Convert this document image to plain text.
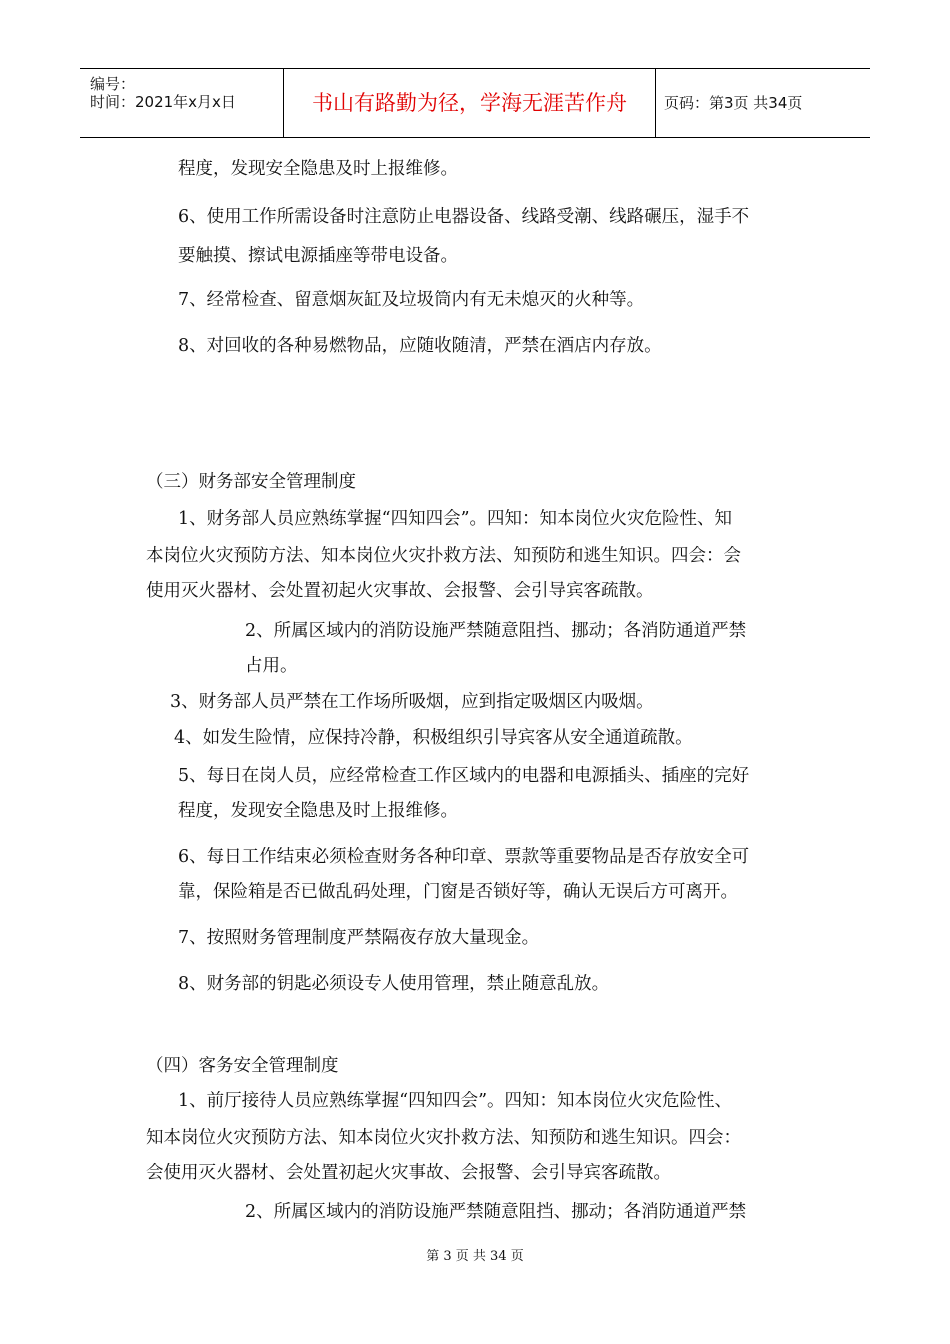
编号：
时间：2021年x月x日	书山有路勤为径，学海无涯苦作舟	页码：第3页 共34页
程度，发现安全隐患及时上报维修。
6、使用工作所需设备时注意防止电器设备、线路受潮、线路碾压，湿手不
要触摸、擦试电源插座等带电设备。
7、经常检查、留意烟灰缸及垃圾筒内有无未熄灭的火种等。
8、对回收的各种易燃物品，应随收随清，严禁在酒店内存放。
（三）财务部安全管理制度
1、财务部人员应熟练掌握“四知四会”。四知：知本岗位火灾危险性、知
本岗位火灾预防方法、知本岗位火灾扑救方法、知预防和逃生知识。四会：会
使用灭火器材、会处置初起火灾事故、会报警、会引导宾客疏散。
2、所属区域内的消防设施严禁随意阻挡、挪动；各消防通道严禁
占用。
3、财务部人员严禁在工作场所吸烟，应到指定吸烟区内吸烟。
4、如发生险情，应保持冷静，积极组织引导宾客从安全通道疏散。
5、每日在岗人员，应经常检查工作区域内的电器和电源插头、插座的完好
程度，发现安全隐患及时上报维修。
6、每日工作结束必须检查财务各种印章、票款等重要物品是否存放安全可
靠，保险箱是否已做乱码处理，门窗是否锁好等，确认无误后方可离开。
7、按照财务管理制度严禁隔夜存放大量现金。
8、财务部的钥匙必须设专人使用管理，禁止随意乱放。
（四）客务安全管理制度
1、前厅接待人员应熟练掌握“四知四会”。四知：知本岗位火灾危险性、
知本岗位火灾预防方法、知本岗位火灾扑救方法、知预防和逃生知识。四会：
会使用灭火器材、会处置初起火灾事故、会报警、会引导宾客疏散。
2、所属区域内的消防设施严禁随意阻挡、挪动；各消防通道严禁
第 3 页 共 34 页
